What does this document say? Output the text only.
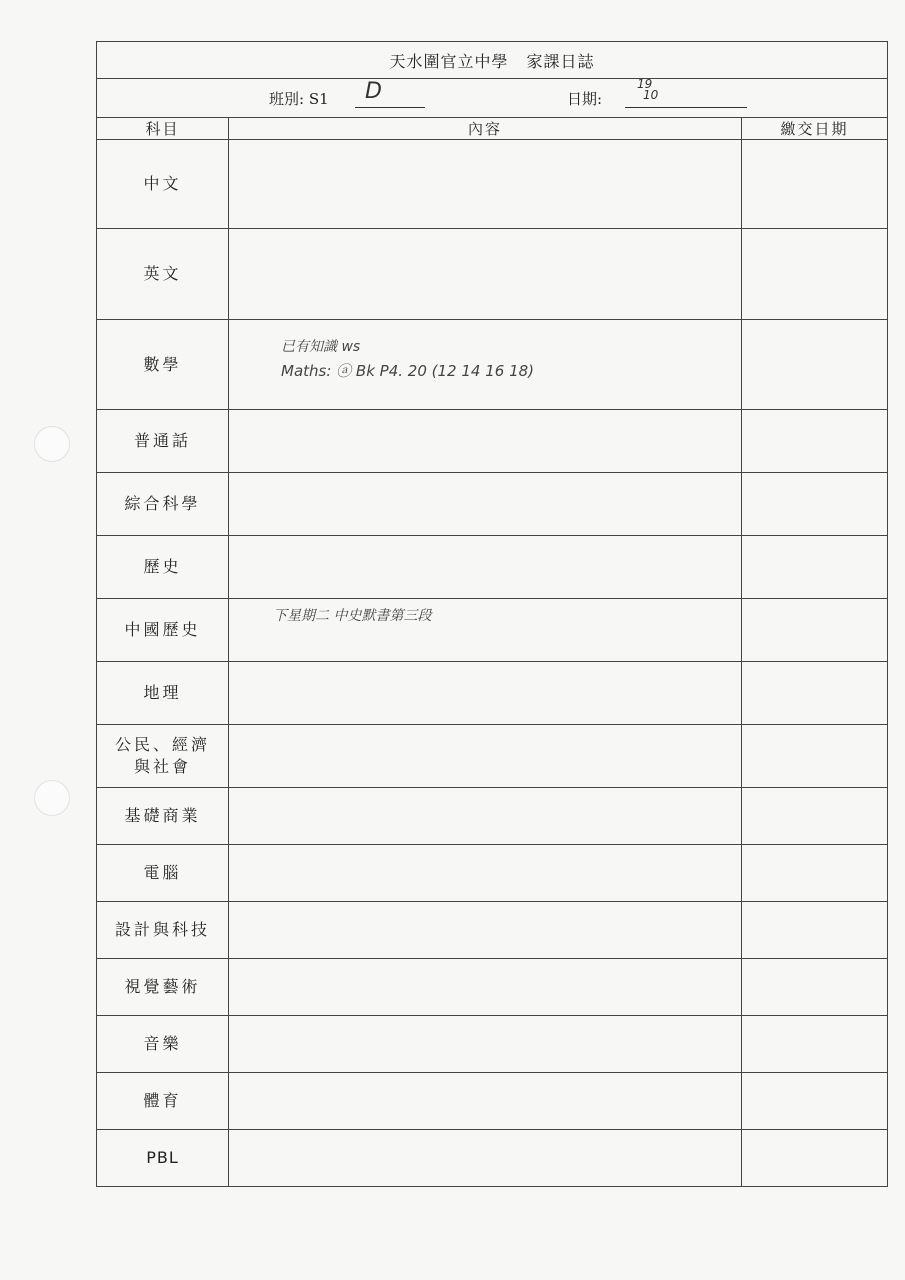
天水圍官立中學 家課日誌		

班別: S1 D 日期:
19
10		

科目	內容	繳交日期
中文		
英文		
數學	已有知識 ws
Maths: ⓐ Bk P4. 20 (12 14 16 18)	

普通話		
綜合科學		
歷史		
中國歷史	下星期二 中史默書第三段	

地理		
公民、經濟
與社會		
基礎商業		
電腦		
設計與科技		
視覺藝術		
音樂		
體育		
PBL		
